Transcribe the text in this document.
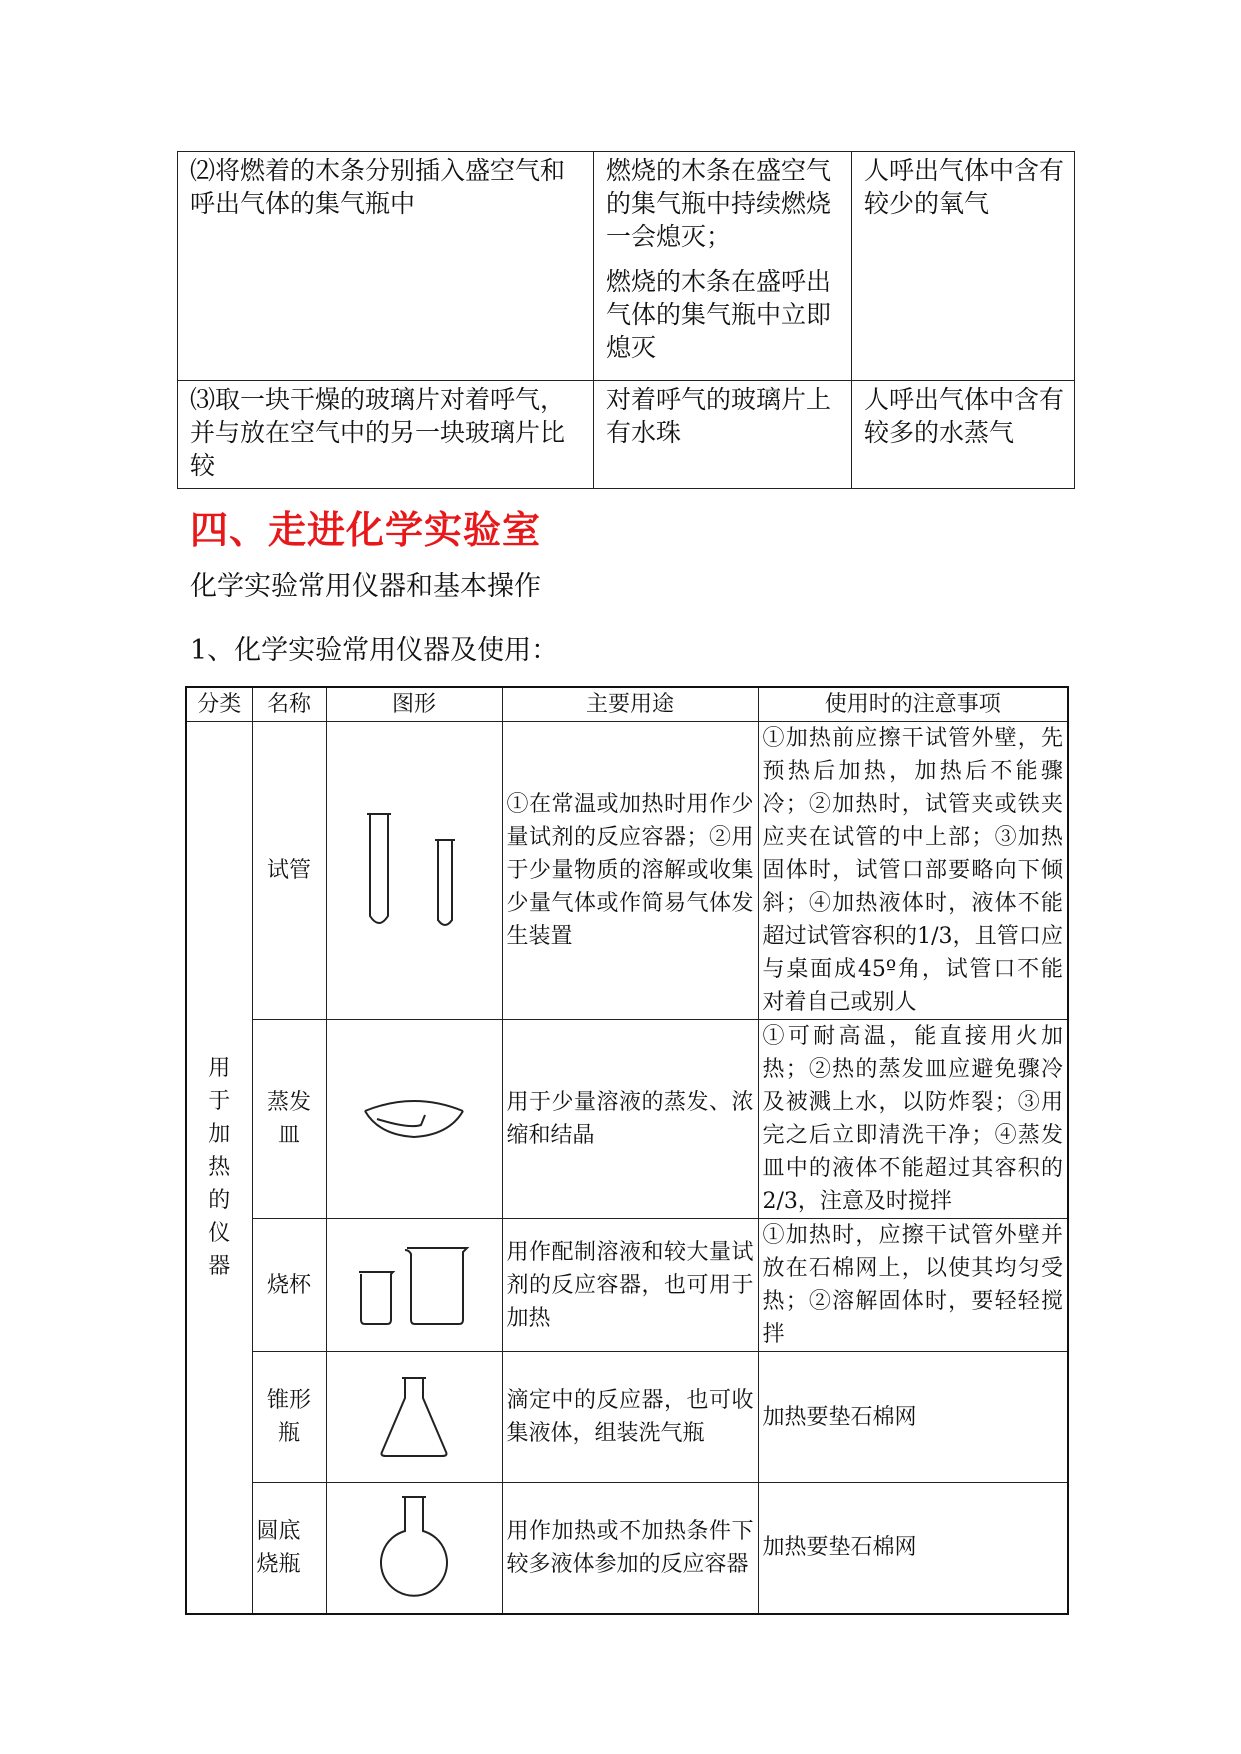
⑵将燃着的木条分别插入盛空气和呼出气体的集气瓶中	燃烧的木条在盛空气的集气瓶中持续燃烧一会熄灭；

燃烧的木条在盛呼出气体的集气瓶中立即熄灭	人呼出气体中含有较少的氧气

⑶取一块干燥的玻璃片对着呼气，并与放在空气中的另一块玻璃片比较	对着呼气的玻璃片上有水珠	人呼出气体中含有较多的水蒸气

四、走进化学实验室
化学实验常用仪器和基本操作
1、化学实验常用仪器及使用：
分类	名称	图形	主要用途	使用时的注意事项

用于加热的仪器	试管		①在常温或加热时用作少量试剂的反应容器；②用于少量物质的溶解或收集少量气体或作简易气体发生装置	①加热前应擦干试管外壁，先预热后加热，加热后不能骤冷；②加热时，试管夹或铁夹应夹在试管的中上部；③加热固体时，试管口部要略向下倾斜；④加热液体时，液体不能超过试管容积的1/3，且管口应与桌面成45º角，试管口不能对着自己或别人
	蒸发皿		用于少量溶液的蒸发、浓缩和结晶	①可耐高温，能直接用火加热；②热的蒸发皿应避免骤冷及被溅上水，以防炸裂；③用完之后立即清洗干净；④蒸发皿中的液体不能超过其容积的2/3，注意及时搅拌
	烧杯		用作配制溶液和较大量试剂的反应容器，也可用于加热	①加热时，应擦干试管外壁并放在石棉网上，以使其均匀受热；②溶解固体时，要轻轻搅拌
	锥形瓶		滴定中的反应器，也可收集液体，组装洗气瓶	加热要垫石棉网
	圆底烧瓶		用作加热或不加热条件下较多液体参加的反应容器	加热要垫石棉网
